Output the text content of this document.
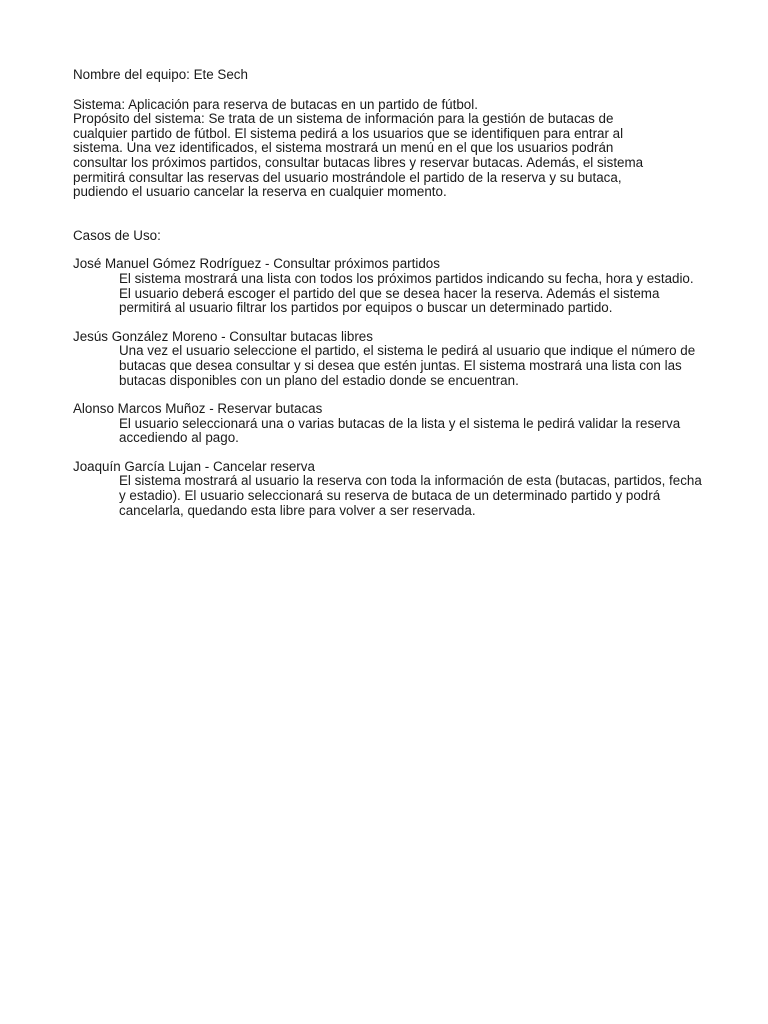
Nombre del equipo: Ete Sech

Sistema: Aplicación para reserva de butacas en un partido de fútbol.

Propósito del sistema: Se trata de un sistema de información para la gestión de butacas de cualquier partido de fútbol. El sistema pedirá a los usuarios que se identifiquen para entrar al sistema. Una vez identificados, el sistema mostrará un menú en el que los usuarios podrán consultar los próximos partidos, consultar butacas libres y reservar butacas. Además, el sistema permitirá consultar las reservas del usuario mostrándole el partido de la reserva y su butaca, pudiendo el usuario cancelar la reserva en cualquier momento.

Casos de Uso:

José Manuel Gómez Rodríguez - Consultar próximos partidos

El sistema mostrará una lista con todos los próximos partidos indicando su fecha, hora y estadio. El usuario deberá escoger el partido del que se desea hacer la reserva. Además el sistema permitirá al usuario filtrar los partidos por equipos o buscar un determinado partido.

Jesús González Moreno - Consultar butacas libres

Una vez el usuario seleccione el partido, el sistema le pedirá al usuario que indique el número de butacas que desea consultar y si desea que estén juntas. El sistema mostrará una lista con las butacas disponibles con un plano del estadio donde se encuentran.

Alonso Marcos Muñoz - Reservar butacas

El usuario seleccionará una o varias butacas de la lista y el sistema le pedirá validar la reserva accediendo al pago.

Joaquín García Lujan - Cancelar reserva

El sistema mostrará al usuario la reserva con toda la información de esta (butacas, partidos, fecha y estadio). El usuario seleccionará su reserva de butaca de un determinado partido y podrá cancelarla, quedando esta libre para volver a ser reservada.
